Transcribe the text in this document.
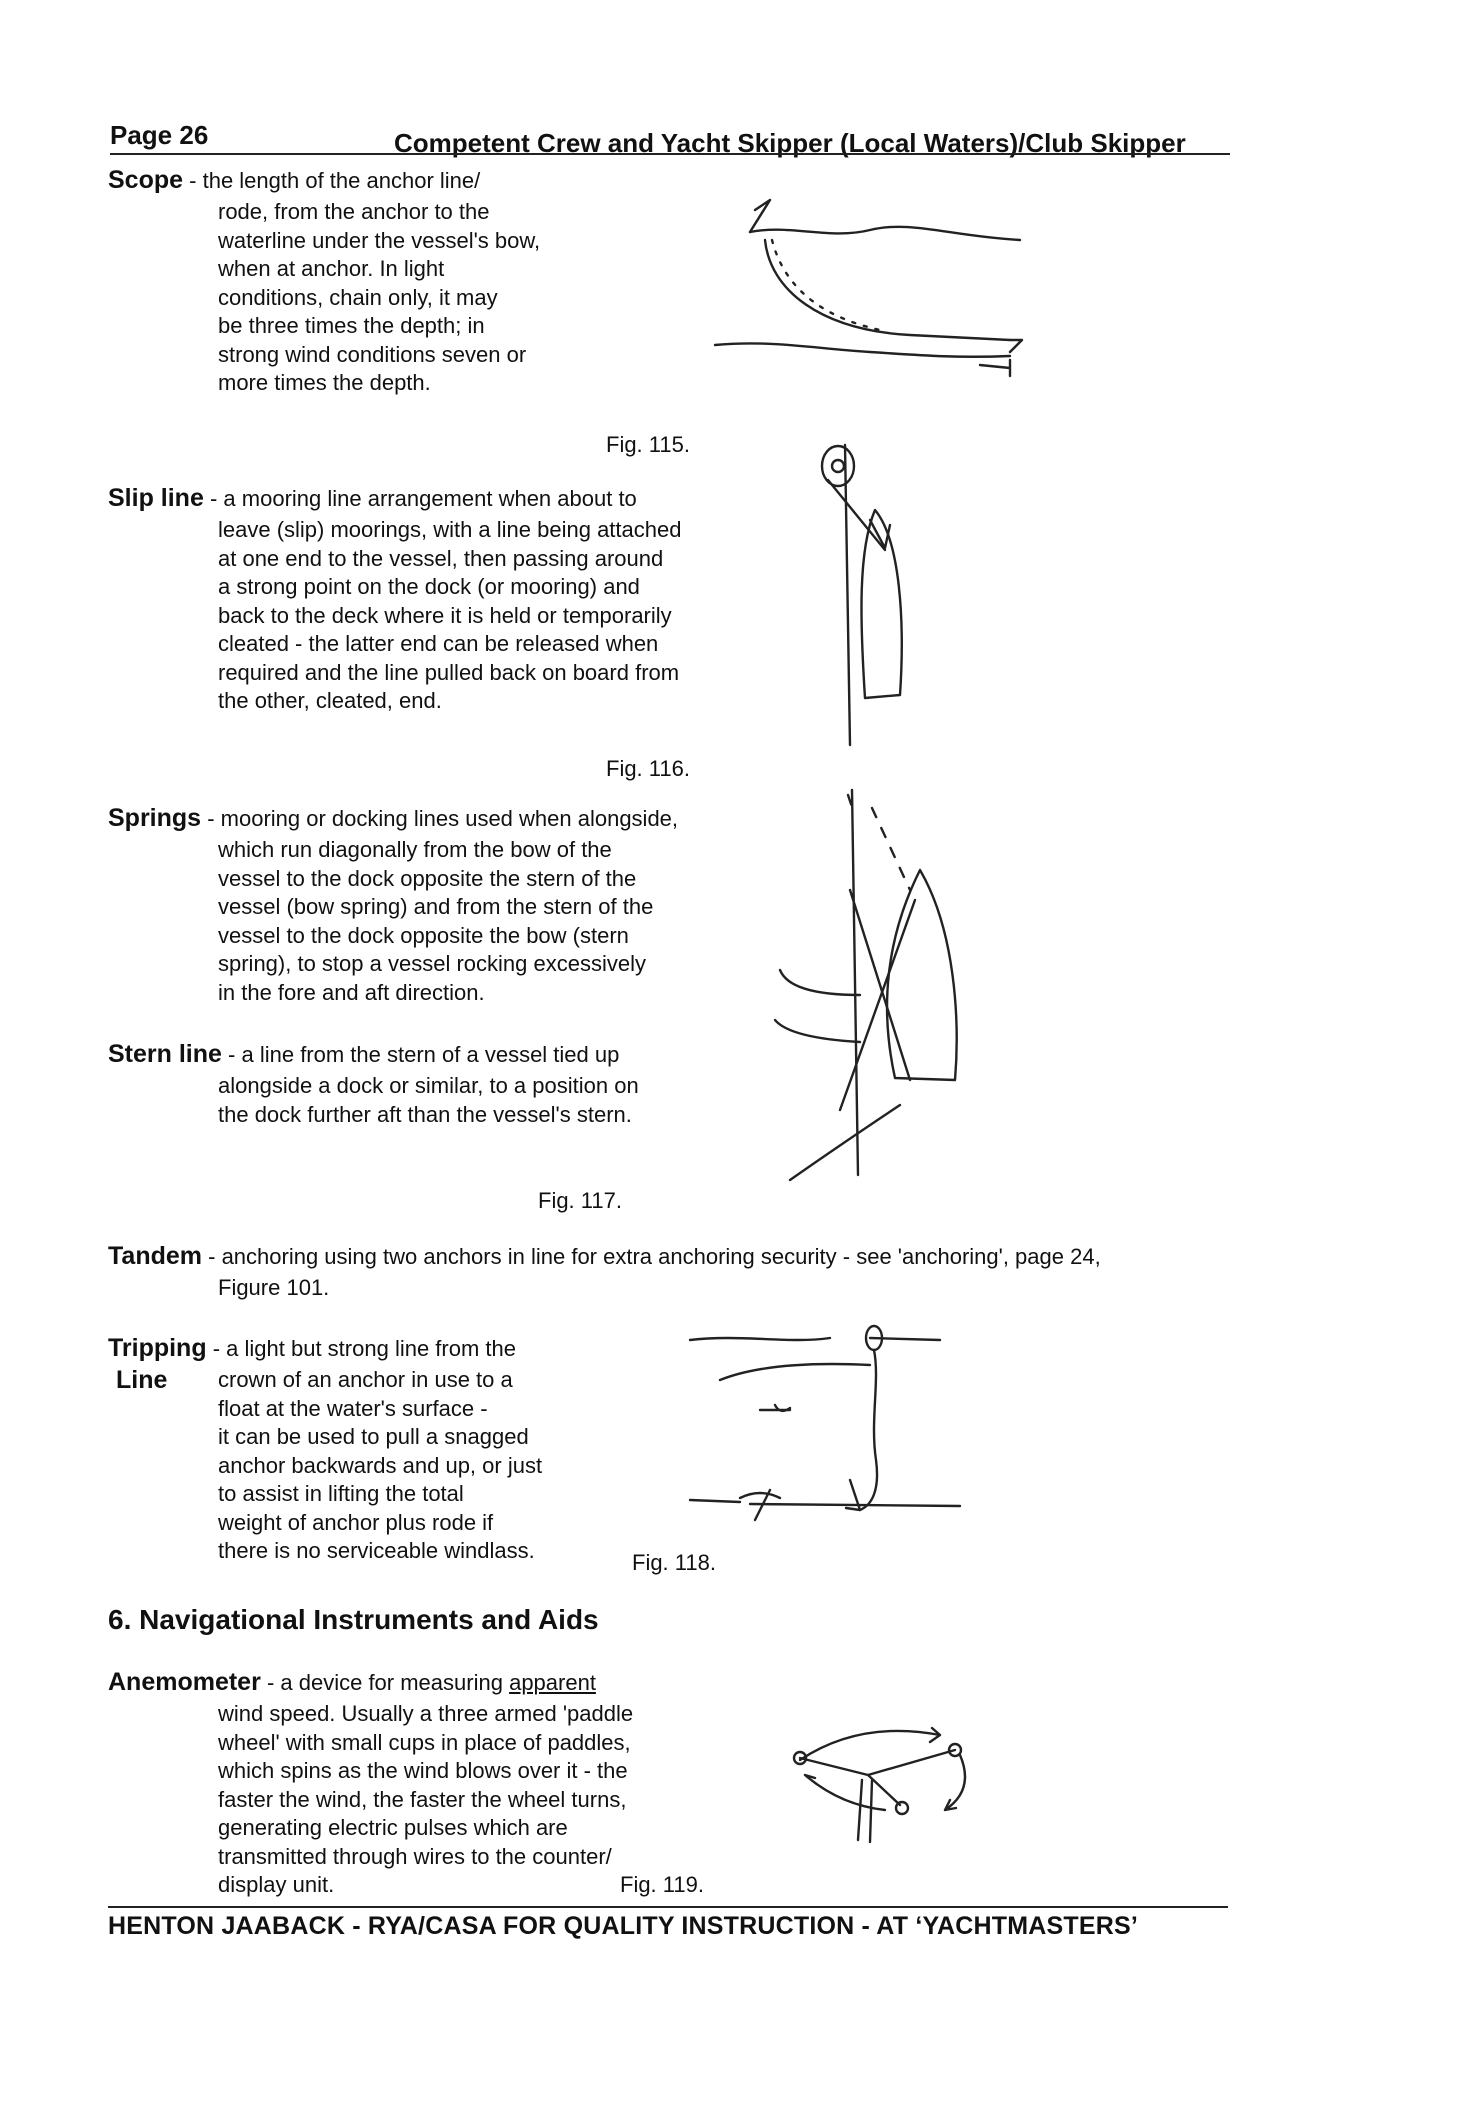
Page 26	Competent Crew and Yacht Skipper (Local Waters)/Club Skipper
Scope - the length of the anchor line/
rode, from the anchor to the
waterline under the vessel's bow,
when at anchor. In light
conditions, chain only, it may
be three times the depth; in
strong wind conditions seven or
more times the depth.
Fig. 115.
Slip line - a mooring line arrangement when about to
leave (slip) moorings, with a line being attached
at one end to the vessel, then passing around
a strong point on the dock (or mooring) and
back to the deck where it is held or temporarily
cleated - the latter end can be released when
required and the line pulled back on board from
the other, cleated, end.
Fig. 116.
Springs - mooring or docking lines used when alongside,
which run diagonally from the bow of the
vessel to the dock opposite the stern of the
vessel (bow spring) and from the stern of the
vessel to the dock opposite the bow (stern
spring), to stop a vessel rocking excessively
in the fore and aft direction.
Stern line - a line from the stern of a vessel tied up
alongside a dock or similar, to a position on
the dock further aft than the vessel's stern.
Fig. 117.
Tandem - anchoring using two anchors in line for extra anchoring security - see 'anchoring', page 24,
Figure 101.
Tripping - a light but strong line from the
Line crown of an anchor in use to a
float at the water's surface -
it can be used to pull a snagged
anchor backwards and up, or just
to assist in lifting the total
weight of anchor plus rode if
there is no serviceable windlass.	Fig. 118.
6. Navigational Instruments and Aids
Anemometer - a device for measuring apparent
wind speed. Usually a three armed 'paddle
wheel' with small cups in place of paddles,
which spins as the wind blows over it - the
faster the wind, the faster the wheel turns,
generating electric pulses which are
transmitted through wires to the counter/
display unit.	Fig. 119.
HENTON JAABACK - RYA/CASA FOR QUALITY INSTRUCTION - AT ‘YACHTMASTERS’
